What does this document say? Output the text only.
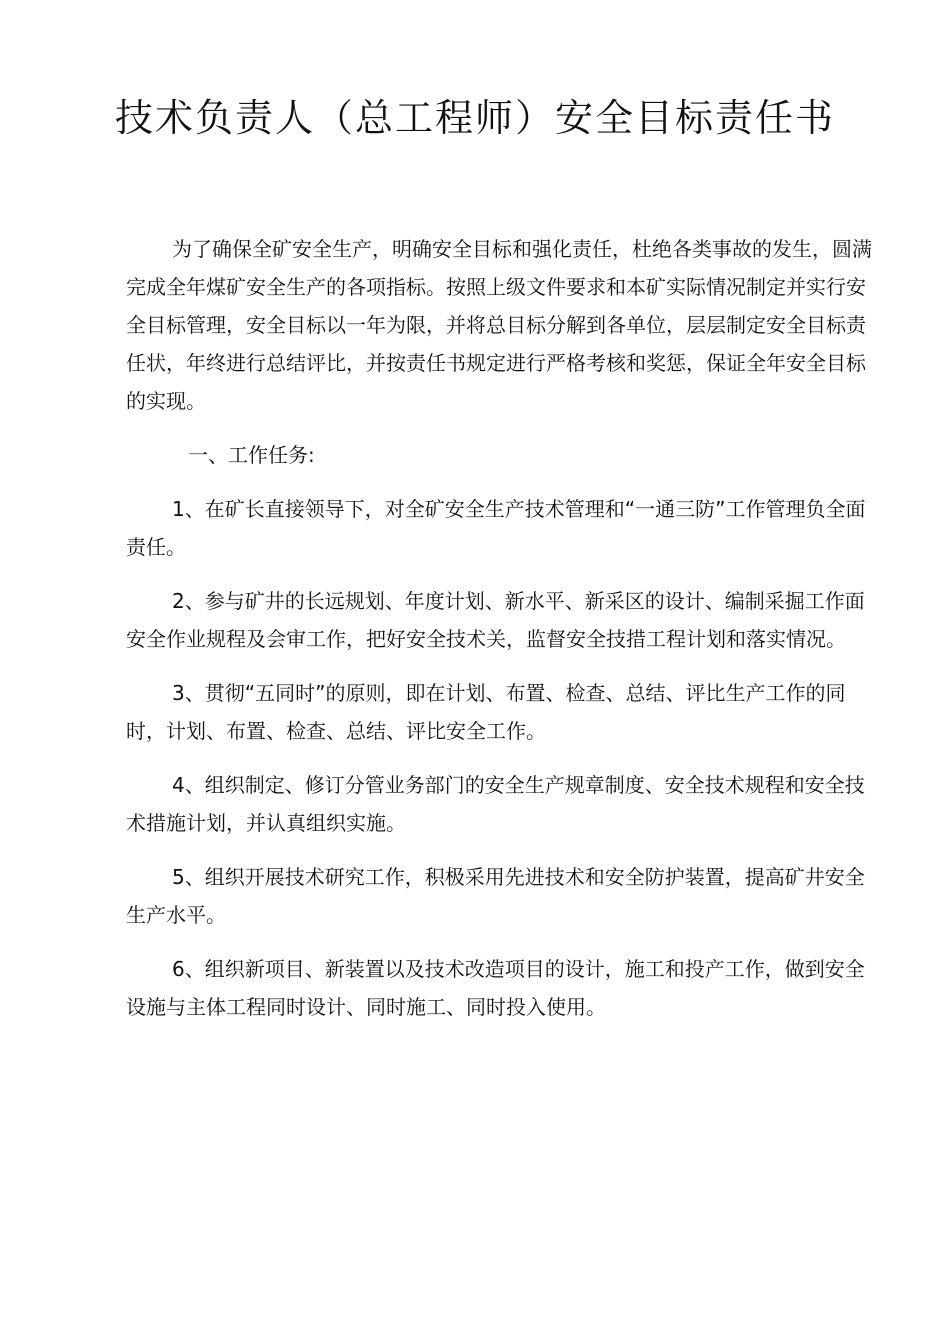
技术负责人（总工程师）安全目标责任书

为了确保全矿安全生产，明确安全目标和强化责任，杜绝各类事故的发生，圆满完成全年煤矿安全生产的各项指标。按照上级文件要求和本矿实际情况制定并实行安全目标管理，安全目标以一年为限，并将总目标分解到各单位，层层制定安全目标责任状，年终进行总结评比，并按责任书规定进行严格考核和奖惩，保证全年安全目标的实现。

一、工作任务:

1、在矿长直接领导下，对全矿安全生产技术管理和“一通三防”工作管理负全面责任。

2、参与矿井的长远规划、年度计划、新水平、新采区的设计、编制采掘工作面安全作业规程及会审工作，把好安全技术关，监督安全技措工程计划和落实情况。

3、贯彻“五同时”的原则，即在计划、布置、检查、总结、评比生产工作的同时，计划、布置、检查、总结、评比安全工作。

4、组织制定、修订分管业务部门的安全生产规章制度、安全技术规程和安全技术措施计划，并认真组织实施。

5、组织开展技术研究工作，积极采用先进技术和安全防护装置，提高矿井安全生产水平。

6、组织新项目、新装置以及技术改造项目的设计，施工和投产工作，做到安全设施与主体工程同时设计、同时施工、同时投入使用。
